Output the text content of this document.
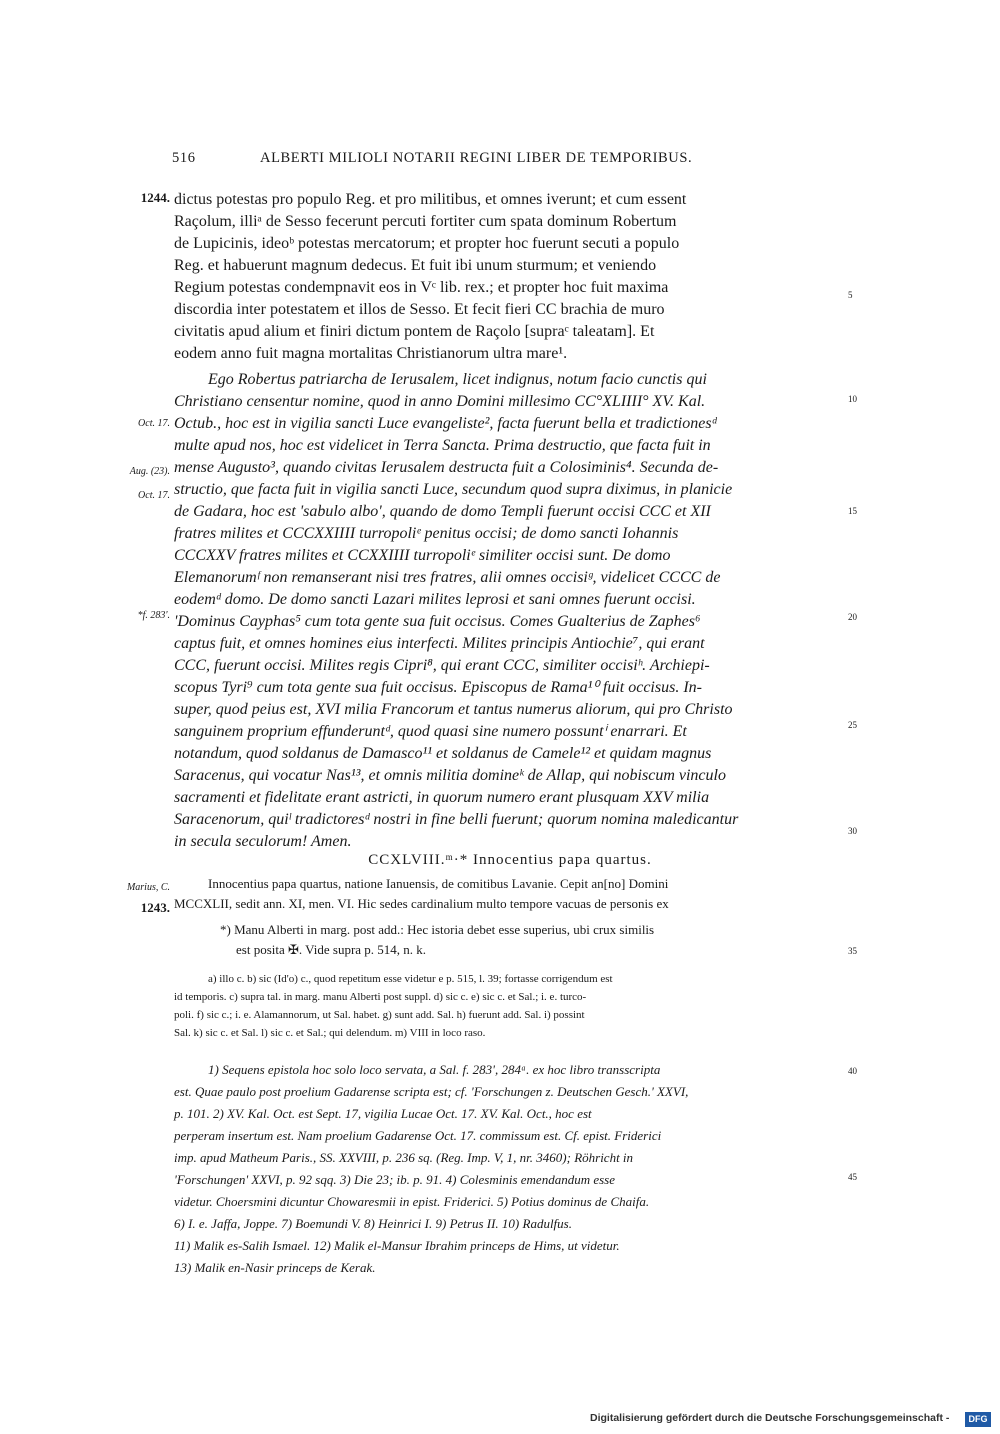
516	ALBERTI MILIOLI NOTARII REGINI LIBER DE TEMPORIBUS.
1244.
Oct. 17.
Aug. (23).
Oct. 17.
*f. 283'.
Marius, C.
1243.
5
10
15
20
25
30
35
40
45
dictus potestas pro populo Reg. et pro militibus, et omnes iverunt; et cum essent
Raçolum, illiᵃ de Sesso fecerunt percuti fortiter cum spata dominum Robertum
de Lupicinis, ideoᵇ potestas mercatorum; et propter hoc fuerunt secuti a populo
Reg. et habuerunt magnum dedecus. Et fuit ibi unum sturmum; et veniendo
Regium potestas condempnavit eos in Vᶜ lib. rex.; et propter hoc fuit maxima
discordia inter potestatem et illos de Sesso. Et fecit fieri CC brachia de muro
civitatis apud alium et finiri dictum pontem de Raçolo [supraᶜ taleatam]. Et
eodem anno fuit magna mortalitas Christianorum ultra mare¹.
Ego Robertus patriarcha de Ierusalem, licet indignus, notum facio cunctis qui
Christiano censentur nomine, quod in anno Domini millesimo CC°XLIIII° XV. Kal.
Octub., hoc est in vigilia sancti Luce evangeliste², facta fuerunt bella et tradictionesᵈ
multe apud nos, hoc est videlicet in Terra Sancta. Prima destructio, que facta fuit in
mense Augusto³, quando civitas Ierusalem destructa fuit a Colosiminis⁴. Secunda de-
structio, que facta fuit in vigilia sancti Luce, secundum quod supra diximus, in planicie
de Gadara, hoc est 'sabulo albo', quando de domo Templi fuerunt occisi CCC et XII
fratres milites et CCCXXIIII turropoliᵉ penitus occisi; de domo sancti Iohannis
CCCXXV fratres milites et CCXXIIII turropoliᵉ similiter occisi sunt. De domo
Elemanorumᶠ non remanserant nisi tres fratres, alii omnes occisiᵍ, videlicet CCCC de
eodemᵈ domo. De domo sancti Lazari milites leprosi et sani omnes fuerunt occisi.
'Dominus Cayphas⁵ cum tota gente sua fuit occisus. Comes Gualterius de Zaphes⁶
captus fuit, et omnes homines eius interfecti. Milites principis Antiochie⁷, qui erant
CCC, fuerunt occisi. Milites regis Cipri⁸, qui erant CCC, similiter occisiʰ. Archiepi-
scopus Tyri⁹ cum tota gente sua fuit occisus. Episcopus de Rama¹⁰ fuit occisus. In-
super, quod peius est, XVI milia Francorum et tantus numerus aliorum, qui pro Christo
sanguinem proprium effunderuntᵈ, quod quasi sine numero possuntⁱ enarrari. Et
notandum, quod soldanus de Damasco¹¹ et soldanus de Camele¹² et quidam magnus
Saracenus, qui vocatur Nas¹³, et omnis militia domineᵏ de Allap, qui nobiscum vinculo
sacramenti et fidelitate erant astricti, in quorum numero erant plusquam XXV milia
Saracenorum, quiˡ tradictoresᵈ nostri in fine belli fuerunt; quorum nomina maledicantur
in secula seculorum! Amen.
CCXLVIII.ᵐ·* Innocentius papa quartus.
Innocentius papa quartus, natione Ianuensis, de comitibus Lavanie. Cepit an[no] Domini
MCCXLII, sedit ann. XI, men. VI. Hic sedes cardinalium multo tempore vacuas de personis ex
*) Manu Alberti in marg. post add.: Hec istoria debet esse superius, ubi crux similis
est posita ✠. Vide supra p. 514, n. k.
a) illo c. b) sic (Id'o) c., quod repetitum esse videtur e p. 515, l. 39; fortasse corrigendum est
id temporis. c) supra tal. in marg. manu Alberti post suppl. d) sic c. e) sic c. et Sal.; i. e. turco-
poli. f) sic c.; i. e. Alamannorum, ut Sal. habet. g) sunt add. Sal. h) fuerunt add. Sal. i) possint
Sal. k) sic c. et Sal. l) sic c. et Sal.; qui delendum. m) VIII in loco raso.
1) Sequens epistola hoc solo loco servata, a Sal. f. 283', 284ᵃ. ex hoc libro transscripta
est. Quae paulo post proelium Gadarense scripta est; cf. 'Forschungen z. Deutschen Gesch.' XXVI,
p. 101. 2) XV. Kal. Oct. est Sept. 17, vigilia Lucae Oct. 17. XV. Kal. Oct., hoc est
perperam insertum est. Nam proelium Gadarense Oct. 17. commissum est. Cf. epist. Friderici
imp. apud Matheum Paris., SS. XXVIII, p. 236 sq. (Reg. Imp. V, 1, nr. 3460); Röhricht in
'Forschungen' XXVI, p. 92 sqq. 3) Die 23; ib. p. 91. 4) Colesminis emendandum esse
videtur. Choersmini dicuntur Chowaresmii in epist. Friderici. 5) Potius dominus de Chaifa.
6) I. e. Jaffa, Joppe. 7) Boemundi V. 8) Heinrici I. 9) Petrus II. 10) Radulfus.
11) Malik es-Salih Ismael. 12) Malik el-Mansur Ibrahim princeps de Hims, ut videtur.
13) Malik en-Nasir princeps de Kerak.
Digitalisierung gefördert durch die Deutsche Forschungsgemeinschaft -	DFG
